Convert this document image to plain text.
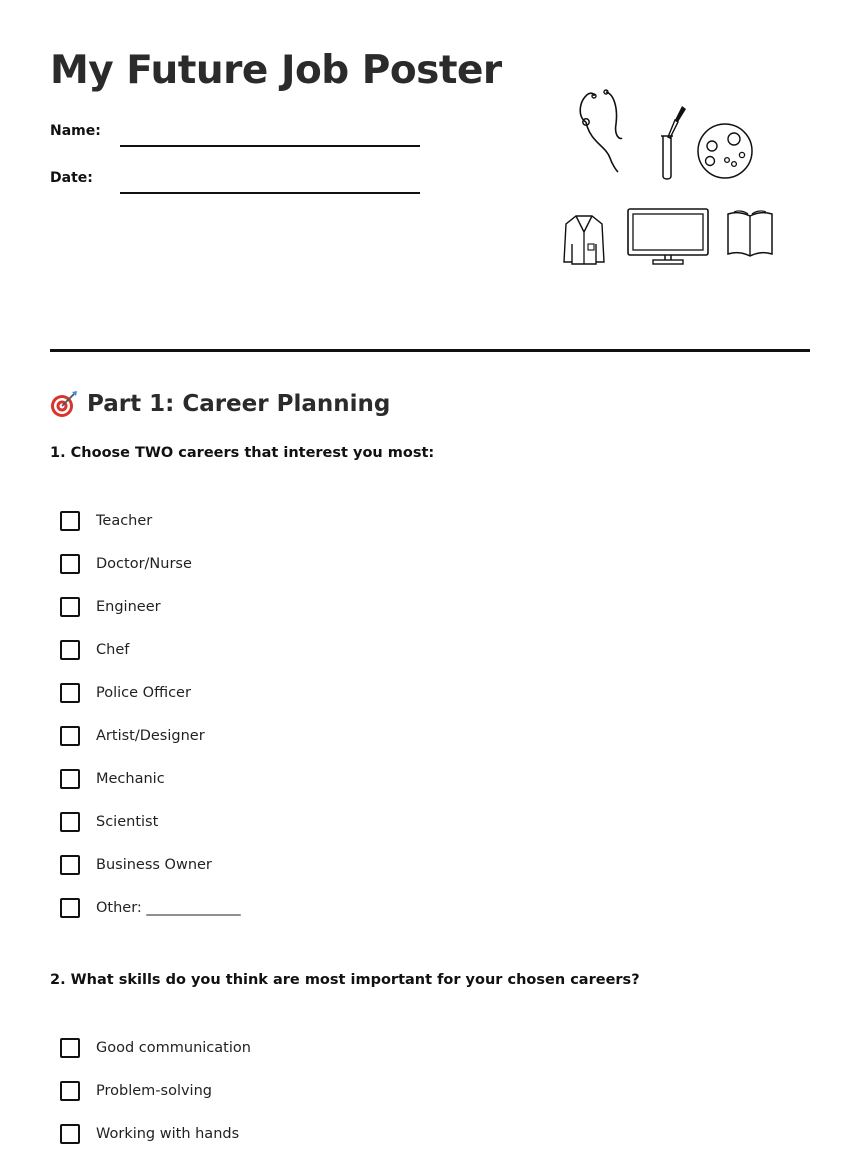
My Future Job Poster
Name:
Date:
Part 1: Career Planning

1. Choose TWO careers that interest you most:

Teacher
Doctor/Nurse
Engineer
Chef
Police Officer
Artist/Designer
Mechanic
Scientist
Business Owner
Other: _____________

2. What skills do you think are most important for your chosen careers?

Good communication
Problem-solving
Working with hands
